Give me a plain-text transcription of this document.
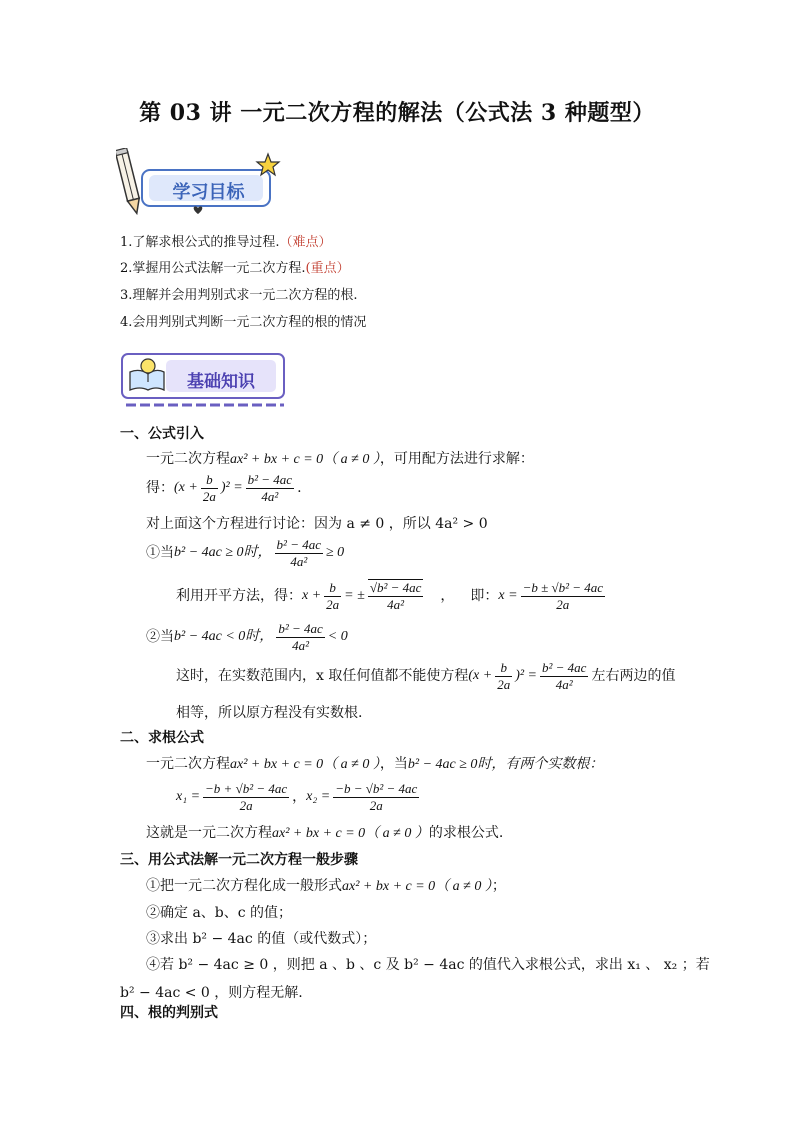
第 03 讲 一元二次方程的解法（公式法 3 种题型）
学习目标
1.了解求根公式的推导过程.（难点）
2.掌握用公式法解一元二次方程.(重点）
3.理解并会用判别式求一元二次方程的根.
4.会用判别式判断一元二次方程的根的情况
基础知识
一、公式引入
一元二次方程ax² + bx + c = 0（ a ≠ 0 ），可用配方法进行求解：
得： $(x + \frac{b}{2a} )^2 = \frac{\text{b² − 4ac}}{\text{4a²}}$ .
对上面这个方程进行讨论：因为 a ≠ 0 ，所以 4a² > 0
①当 b² − 4ac ≥ 0时， $\frac{\text{b² − 4ac}}{\text{4a²}} \ge 0$
利用开平方法，得： $x + \frac{b}{2a}$ = ± $\frac{\text{√b² − 4ac}}{\text{4a²}}$ ， 即： $x = \frac{\text{−b ± √b² − 4ac}}{2a}$
②当 b² − 4ac < 0时， $\frac{\text{b² − 4ac}}{\text{4a²}} < 0$
这时，在实数范围内，x 取任何值都不能使方程 $(x + \frac{b}{2a} )^2 = \frac{\text{b² − 4ac}}{\text{4a²}}$ 左右两边的值
相等，所以原方程没有实数根.
二、求根公式
一元二次方程ax² + bx + c = 0（ a ≠ 0 ），当b² − 4ac ≥ 0时，有两个实数根：
$x_1 = \frac{\text{−b + √b² − 4ac}}{2a}$ ， $x_2 = \frac{\text{−b − √b² − 4ac}}{2a}$
这就是一元二次方程ax² + bx + c = 0（ a ≠ 0 ）的求根公式.
三、用公式法解一元二次方程一般步骤
①把一元二次方程化成一般形式ax² + bx + c = 0（ a ≠ 0 ）；
②确定 a、b、c 的值；
③求出 b² − 4ac 的值（或代数式）；
④若 b² − 4ac ≥ 0 ，则把 a 、b 、c 及 b² − 4ac 的值代入求根公式，求出 x₁ 、 x₂ ；若
b² − 4ac < 0 ，则方程无解.
四、根的判别式
